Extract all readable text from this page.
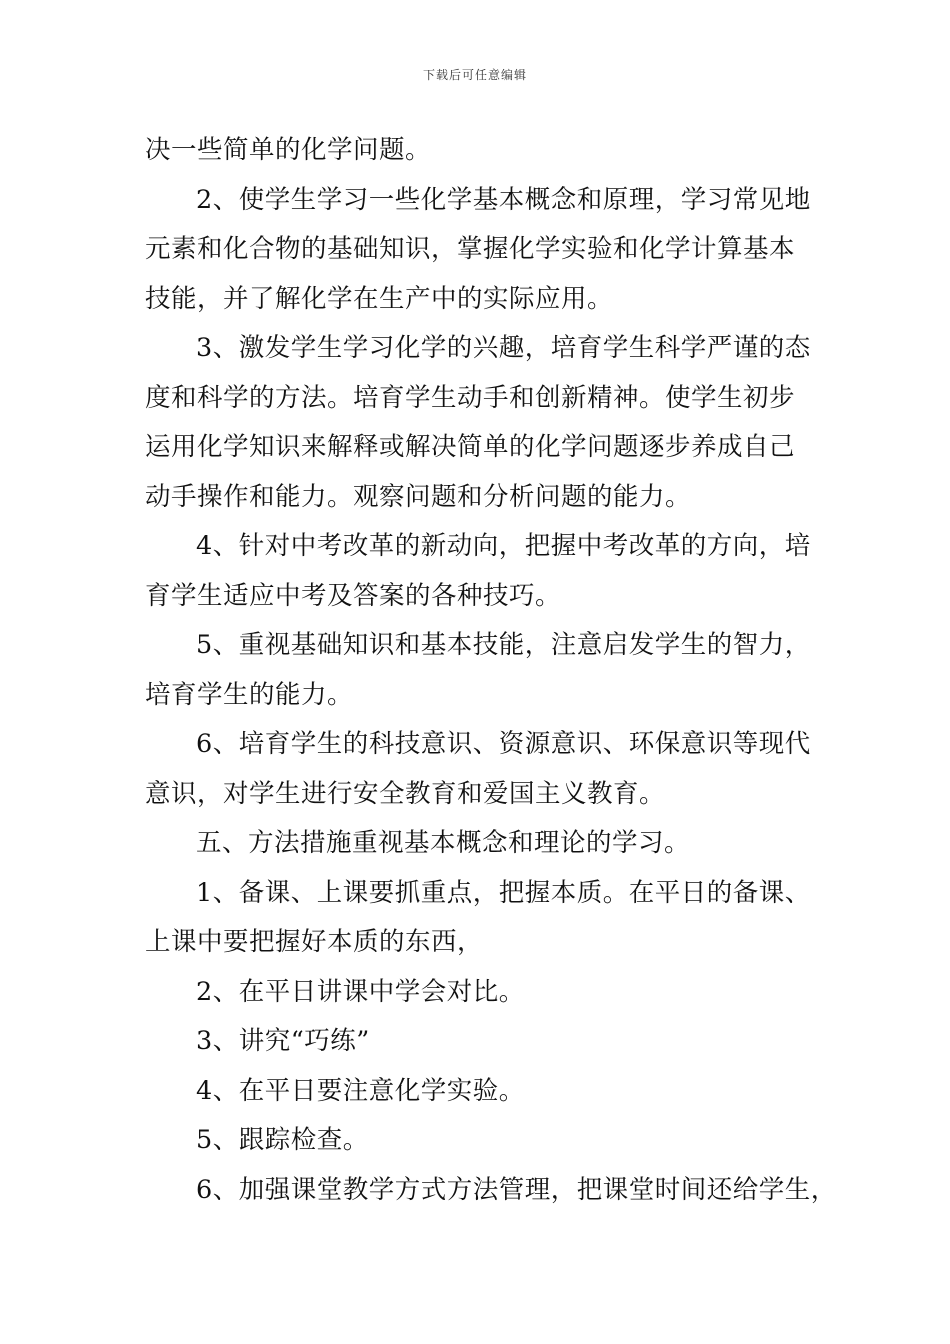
下载后可任意编辑
决一些简单的化学问题。
2、使学生学习一些化学基本概念和原理，学习常见地
元素和化合物的基础知识，掌握化学实验和化学计算基本
技能，并了解化学在生产中的实际应用。
3、激发学生学习化学的兴趣，培育学生科学严谨的态
度和科学的方法。培育学生动手和创新精神。使学生初步
运用化学知识来解释或解决简单的化学问题逐步养成自己
动手操作和能力。观察问题和分析问题的能力。
4、针对中考改革的新动向，把握中考改革的方向，培
育学生适应中考及答案的各种技巧。
5、重视基础知识和基本技能，注意启发学生的智力，
培育学生的能力。
6、培育学生的科技意识、资源意识、环保意识等现代
意识，对学生进行安全教育和爱国主义教育。
五、方法措施重视基本概念和理论的学习。
1、备课、上课要抓重点，把握本质。在平日的备课、
上课中要把握好本质的东西，
2、在平日讲课中学会对比。
3、讲究“巧练”
4、在平日要注意化学实验。
5、跟踪检查。
6、加强课堂教学方式方法管理，把课堂时间还给学生，
